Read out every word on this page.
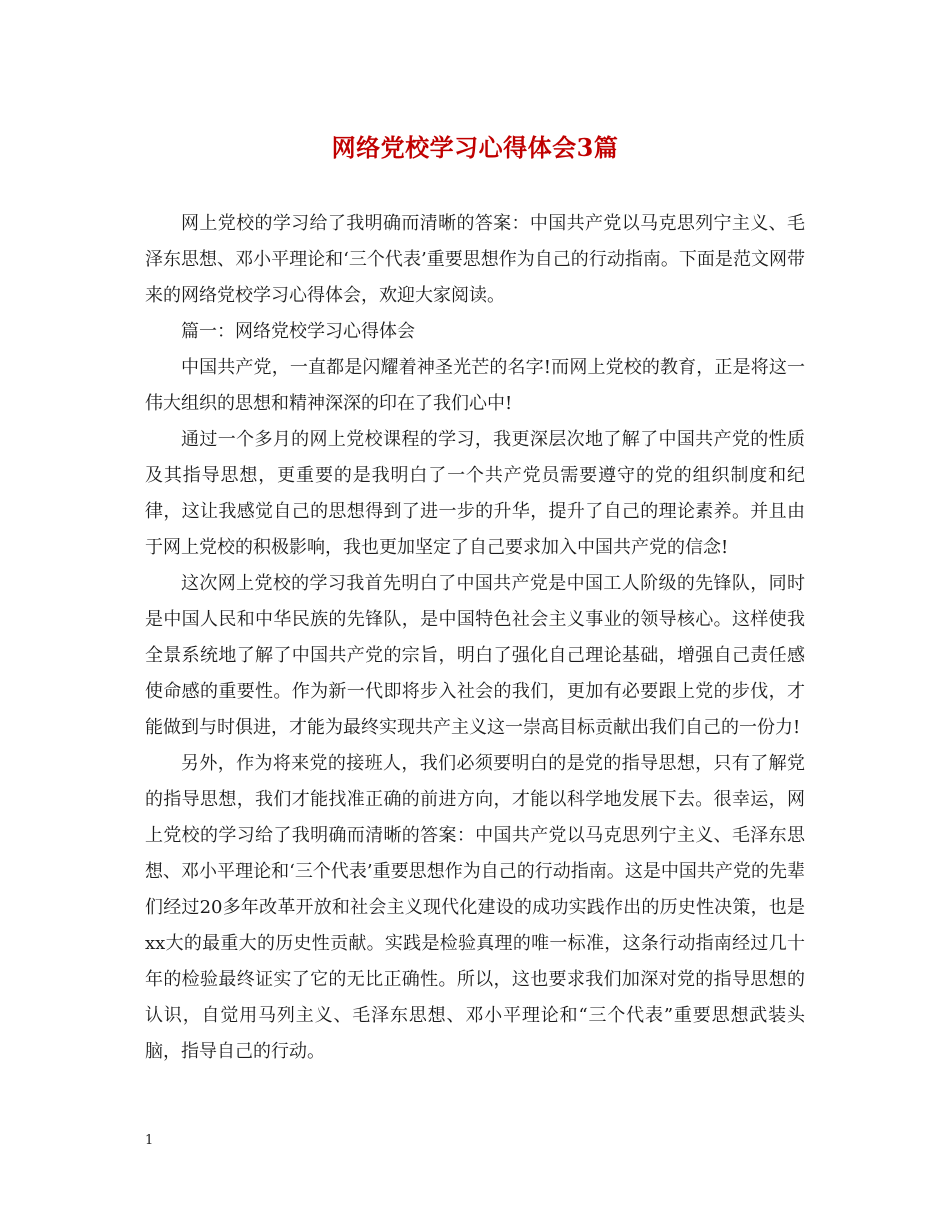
网络党校学习心得体会3篇

网上党校的学习给了我明确而清晰的答案：中国共产党以马克思列宁主义、毛泽东思想、邓小平理论和‘三个代表’重要思想作为自己的行动指南。下面是范文网带来的网络党校学习心得体会，欢迎大家阅读。

篇一：网络党校学习心得体会

中国共产党，一直都是闪耀着神圣光芒的名字!而网上党校的教育，正是将这一伟大组织的思想和精神深深的印在了我们心中!

通过一个多月的网上党校课程的学习，我更深层次地了解了中国共产党的性质及其指导思想，更重要的是我明白了一个共产党员需要遵守的党的组织制度和纪律，这让我感觉自己的思想得到了进一步的升华，提升了自己的理论素养。并且由于网上党校的积极影响，我也更加坚定了自己要求加入中国共产党的信念!

这次网上党校的学习我首先明白了中国共产党是中国工人阶级的先锋队，同时是中国人民和中华民族的先锋队，是中国特色社会主义事业的领导核心。这样使我全景系统地了解了中国共产党的宗旨，明白了强化自己理论基础，增强自己责任感使命感的重要性。作为新一代即将步入社会的我们，更加有必要跟上党的步伐，才能做到与时俱进，才能为最终实现共产主义这一崇高目标贡献出我们自己的一份力!

另外，作为将来党的接班人，我们必须要明白的是党的指导思想，只有了解党的指导思想，我们才能找准正确的前进方向，才能以科学地发展下去。很幸运，网上党校的学习给了我明确而清晰的答案：中国共产党以马克思列宁主义、毛泽东思想、邓小平理论和‘三个代表’重要思想作为自己的行动指南。这是中国共产党的先辈们经过20多年改革开放和社会主义现代化建设的成功实践作出的历史性决策，也是xx大的最重大的历史性贡献。实践是检验真理的唯一标准，这条行动指南经过几十年的检验最终证实了它的无比正确性。所以，这也要求我们加深对党的指导思想的认识，自觉用马列主义、毛泽东思想、邓小平理论和“三个代表”重要思想武装头脑，指导自己的行动。

1
